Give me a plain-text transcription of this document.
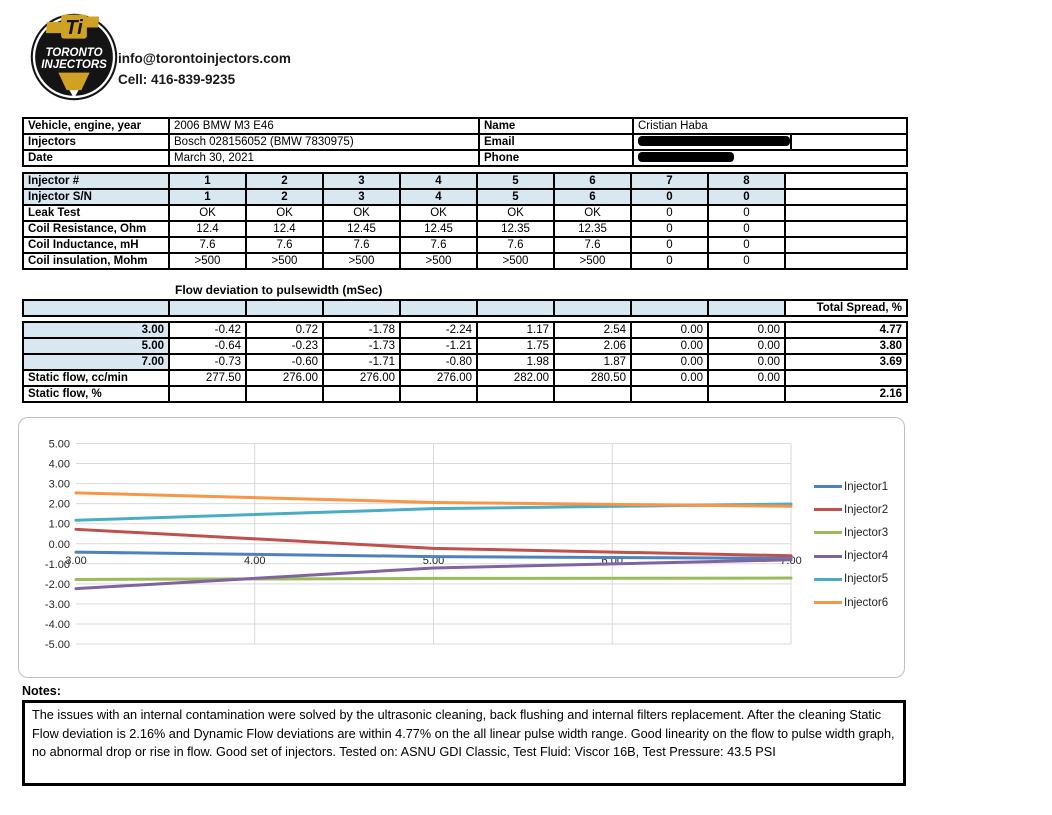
Ti
TORONTO
INJECTORS info@torontoinjectors.com
Cell: 416-839-9235
Vehicle, engine, year	2006 BMW M3 E46	Name	Cristian Haba	
Injectors	Bosch 028156052 (BMW 7830975)	Email		
Date	March 30, 2021	Phone		
Injector #	1	2	3	4	5	6	7	8	
Injector S/N	1	2	3	4	5	6	0	0	
Leak Test	OK	OK	OK	OK	OK	OK	0	0	
Coil Resistance, Ohm	12.4	12.4	12.45	12.45	12.35	12.35	0	0	
Coil Inductance, mH	7.6	7.6	7.6	7.6	7.6	7.6	0	0	
Coil insulation, Mohm	>500	>500	>500	>500	>500	>500	0	0	
Flow deviation to pulsewidth (mSec)
									Total Spread, %
3.00	-0.42	0.72	-1.78	-2.24	1.17	2.54	0.00	0.00	4.77
5.00	-0.64	-0.23	-1.73	-1.21	1.75	2.06	0.00	0.00	3.80
7.00	-0.73	-0.60	-1.71	-0.80	1.98	1.87	0.00	0.00	3.69
Static flow, cc/min	277.50	276.00	276.00	276.00	282.00	280.50	0.00	0.00	
Static flow, %									2.16
5.00
4.00
3.00
2.00
1.00
0.00
-1.00
-2.00
-3.00
-4.00
-5.00
3.00	4.00	5.00	6.00	7.00
Injector1
Injector2
Injector3
Injector4
Injector5
Injector6
Notes:
The issues with an internal contamination were solved by the ultrasonic cleaning, back flushing and internal filters replacement. After the cleaning Static Flow deviation is 2.16% and Dynamic Flow deviations are within 4.77% on the all linear pulse width range. Good linearity on the flow to pulse width graph, no abnormal drop or rise in flow. Good set of injectors. Tested on: ASNU GDI Classic, Test Fluid: Viscor 16B, Test Pressure: 43.5 PSI
